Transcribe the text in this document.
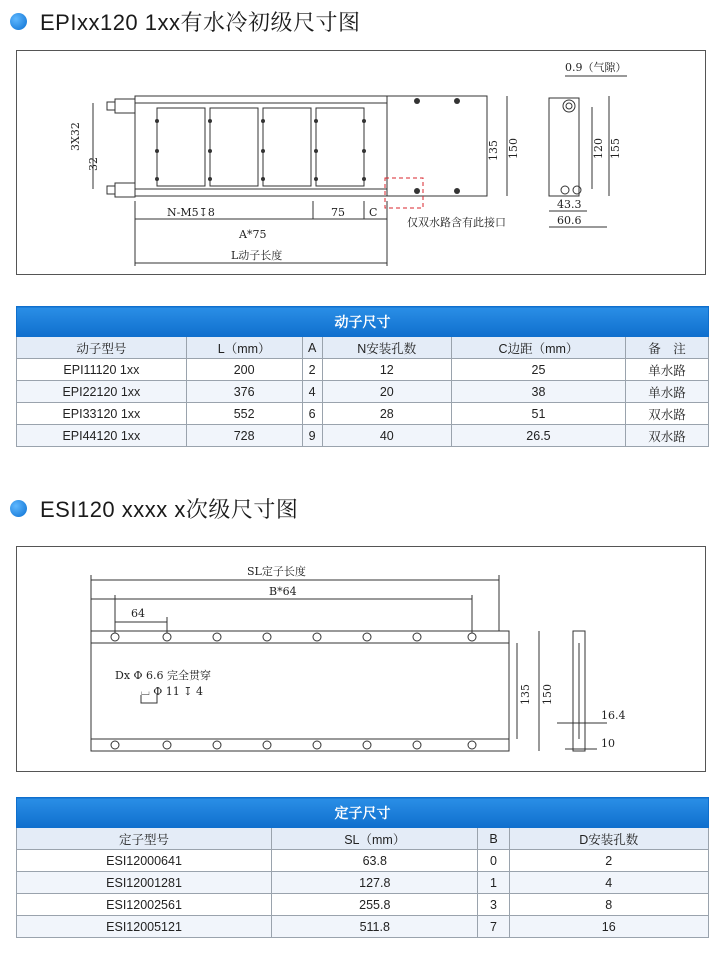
EPIxx120 1xx有水冷初级尺寸图
0.9（气隙）
3X32
32
N-M5↧8	75 C
A*75
L动子长度
135 150	120 155
43.3
60.6
仅双水路含有此接口
动子尺寸					
动子型号	L（mm）	A	N安装孔数	C边距（mm）	备　注
EPI11120 1xx	200	2	12	25	单水路
EPI22120 1xx	376	4	20	38	单水路
EPI33120 1xx	552	6	28	51	双水路
EPI44120 1xx	728	9	40	26.5	双水路
ESI120 xxxx x次级尺寸图
SL定子长度
B*64
64
Dx Φ 6.6 完全贯穿
⌴ Φ 11 ↧ 4	135 150
16.4
10
定子尺寸			
定子型号	SL（mm）	B	D安装孔数
ESI12000641	63.8	0	2
ESI12001281	127.8	1	4
ESI12002561	255.8	3	8
ESI12005121	511.8	7	16
